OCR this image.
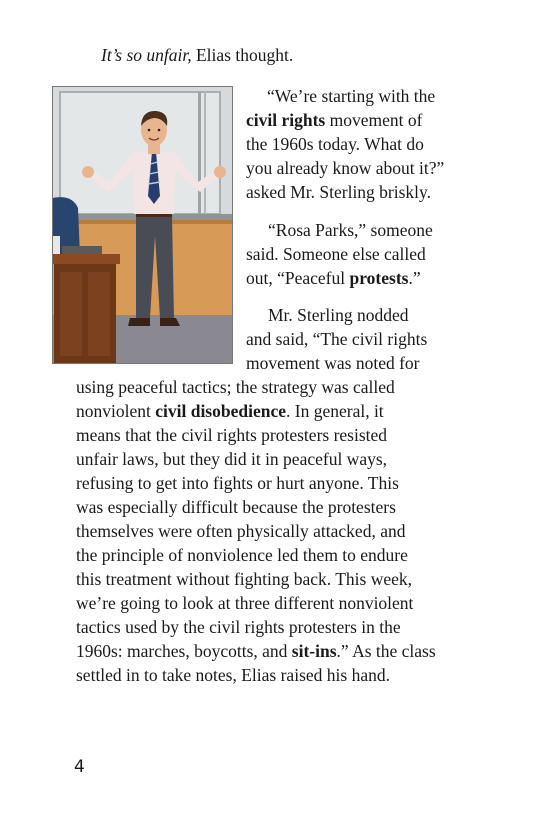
It’s so unfair, Elias thought.
“We’re starting with the
civil rights movement of
the 1960s today. What do
you already know about it?”
asked Mr. Sterling briskly.
“Rosa Parks,” someone
said. Someone else called
out, “Peaceful protests.”
Mr. Sterling nodded
and said, “The civil rights
movement was noted for
using peaceful tactics; the strategy was called
nonviolent civil disobedience. In general, it
means that the civil rights protesters resisted
unfair laws, but they did it in peaceful ways,
refusing to get into fights or hurt anyone. This
was especially difficult because the protesters
themselves were often physically attacked, and
the principle of nonviolence led them to endure
this treatment without fighting back. This week,
we’re going to look at three different nonviolent
tactics used by the civil rights protesters in the
1960s: marches, boycotts, and sit-ins.” As the class
settled in to take notes, Elias raised his hand.
4
